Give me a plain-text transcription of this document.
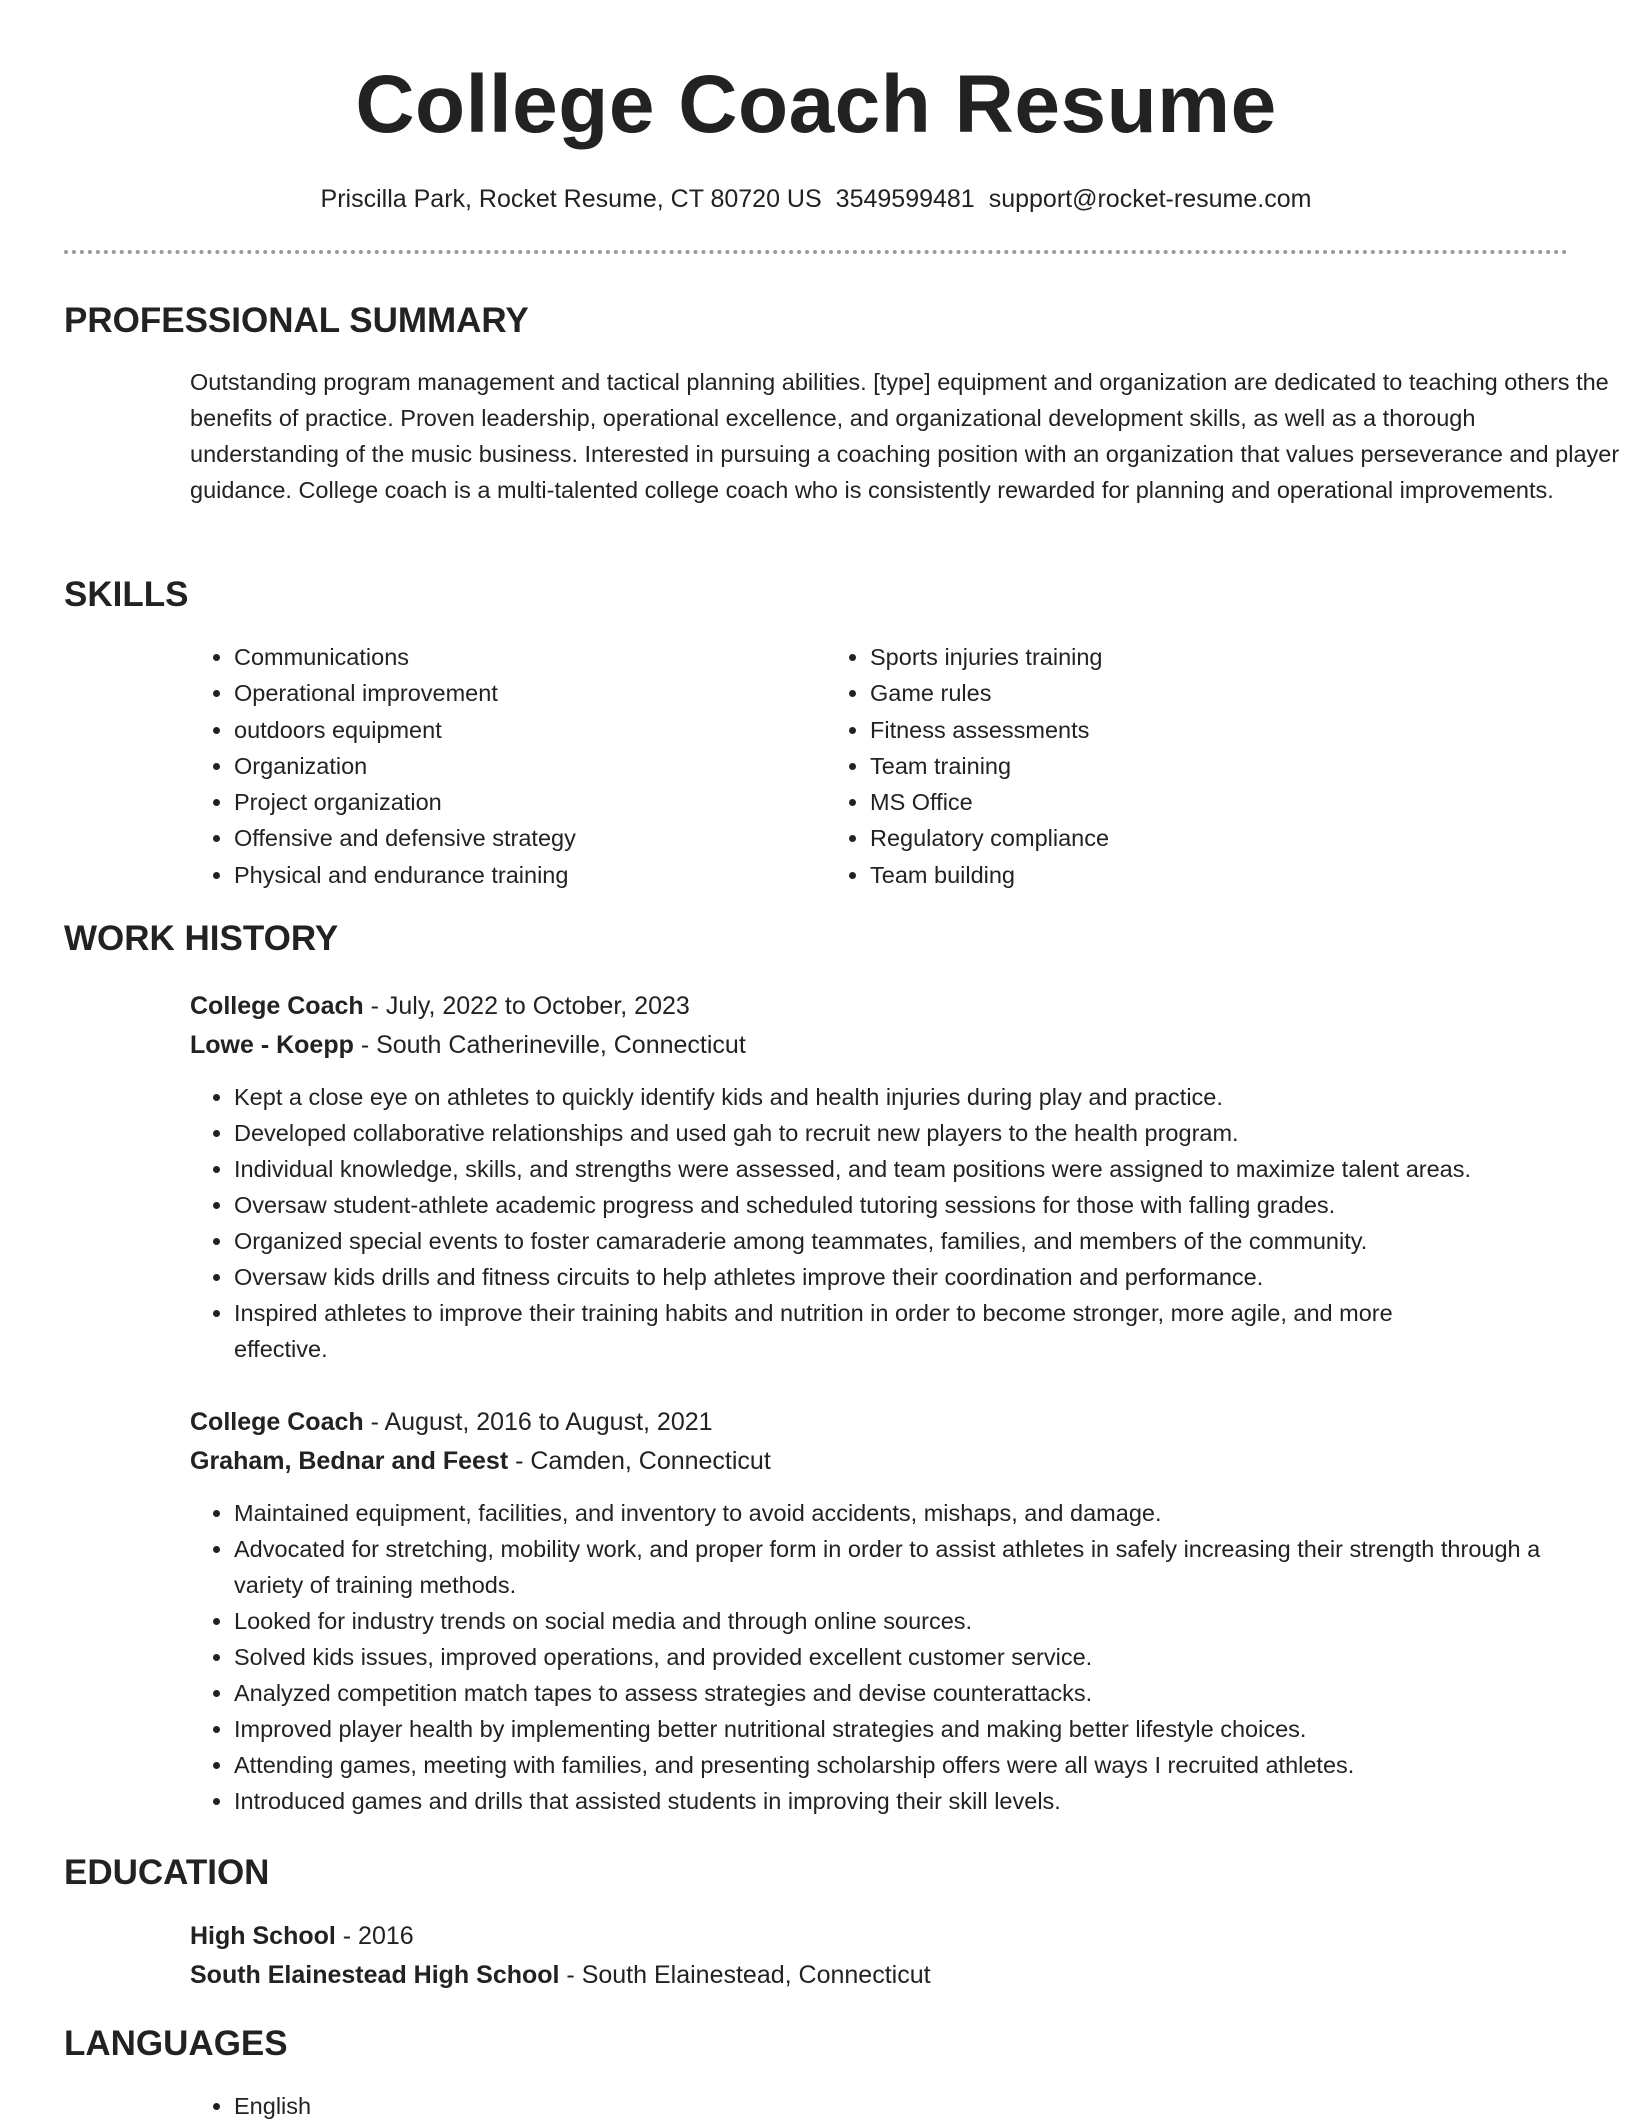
College Coach Resume
Priscilla Park, Rocket Resume, CT 80720 US 3549599481 support@rocket-resume.com
PROFESSIONAL SUMMARY
Outstanding program management and tactical planning abilities. [type] equipment and organization are dedicated to teaching others the benefits of practice. Proven leadership, operational excellence, and organizational development skills, as well as a thorough understanding of the music business. Interested in pursuing a coaching position with an organization that values perseverance and player guidance. College coach is a multi-talented college coach who is consistently rewarded for planning and operational improvements.
SKILLS
• Communications
• Operational improvement
• outdoors equipment
• Organization
• Project organization
• Offensive and defensive strategy
• Physical and endurance training
• Sports injuries training
• Game rules
• Fitness assessments
• Team training
• MS Office
• Regulatory compliance
• Team building
WORK HISTORY
College Coach - July, 2022 to October, 2023
Lowe - Koepp - South Catherineville, Connecticut
• Kept a close eye on athletes to quickly identify kids and health injuries during play and practice.
• Developed collaborative relationships and used gah to recruit new players to the health program.
• Individual knowledge, skills, and strengths were assessed, and team positions were assigned to maximize talent areas.
• Oversaw student-athlete academic progress and scheduled tutoring sessions for those with falling grades.
• Organized special events to foster camaraderie among teammates, families, and members of the community.
• Oversaw kids drills and fitness circuits to help athletes improve their coordination and performance.
• Inspired athletes to improve their training habits and nutrition in order to become stronger, more agile, and more effective.
College Coach - August, 2016 to August, 2021
Graham, Bednar and Feest - Camden, Connecticut
• Maintained equipment, facilities, and inventory to avoid accidents, mishaps, and damage.
• Advocated for stretching, mobility work, and proper form in order to assist athletes in safely increasing their strength through a variety of training methods.
• Looked for industry trends on social media and through online sources.
• Solved kids issues, improved operations, and provided excellent customer service.
• Analyzed competition match tapes to assess strategies and devise counterattacks.
• Improved player health by implementing better nutritional strategies and making better lifestyle choices.
• Attending games, meeting with families, and presenting scholarship offers were all ways I recruited athletes.
• Introduced games and drills that assisted students in improving their skill levels.
EDUCATION
High School - 2016
South Elainestead High School - South Elainestead, Connecticut
LANGUAGES
• English
